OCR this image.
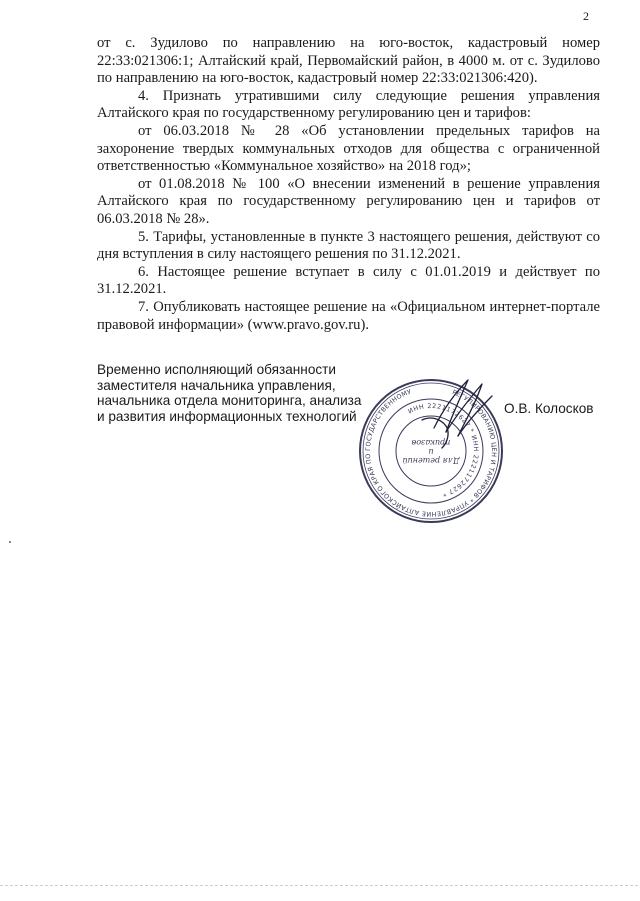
2

от с. Зудилово по направлению на юго-восток, кадастровый номер 22:33:021306:1; Алтайский край, Первомайский район, в 4000 м. от с. Зудилово по направлению на юго-восток, кадастровый номер 22:33:021306:420).

4. Признать утратившими силу следующие решения управления Алтайского края по государственному регулированию цен и тарифов:

от 06.03.2018 № 28 «Об установлении предельных тарифов на захоронение твердых коммунальных отходов для общества с ограниченной ответственностью «Коммунальное хозяйство» на 2018 год»;

от 01.08.2018 № 100 «О внесении изменений в решение управления Алтайского края по государственному регулированию цен и тарифов от 06.03.2018 № 28».

5. Тарифы, установленные в пункте 3 настоящего решения, действуют со дня вступления в силу настоящего решения по 31.12.2021.

6. Настоящее решение вступает в силу с 01.01.2019 и действует по 31.12.2021.

7. Опубликовать настоящее решение на «Официальном интернет-портале правовой информации» (www.pravo.gov.ru).

Временно исполняющий обязанности
заместителя начальника управления,
начальника отдела мониторинга, анализа
и развития информационных технологий
РЕГУЛИРОВАНИЮ ЦЕН И ТАРИФОВ * УПРАВЛЕНИЕ АЛТАЙСКОГО КРАЯ ПО ГОСУДАРСТВЕННОМУ
ИНН 2221172627 * ИНН 2221172627 *
Для решений
и
приказов
О.В. Колосков
